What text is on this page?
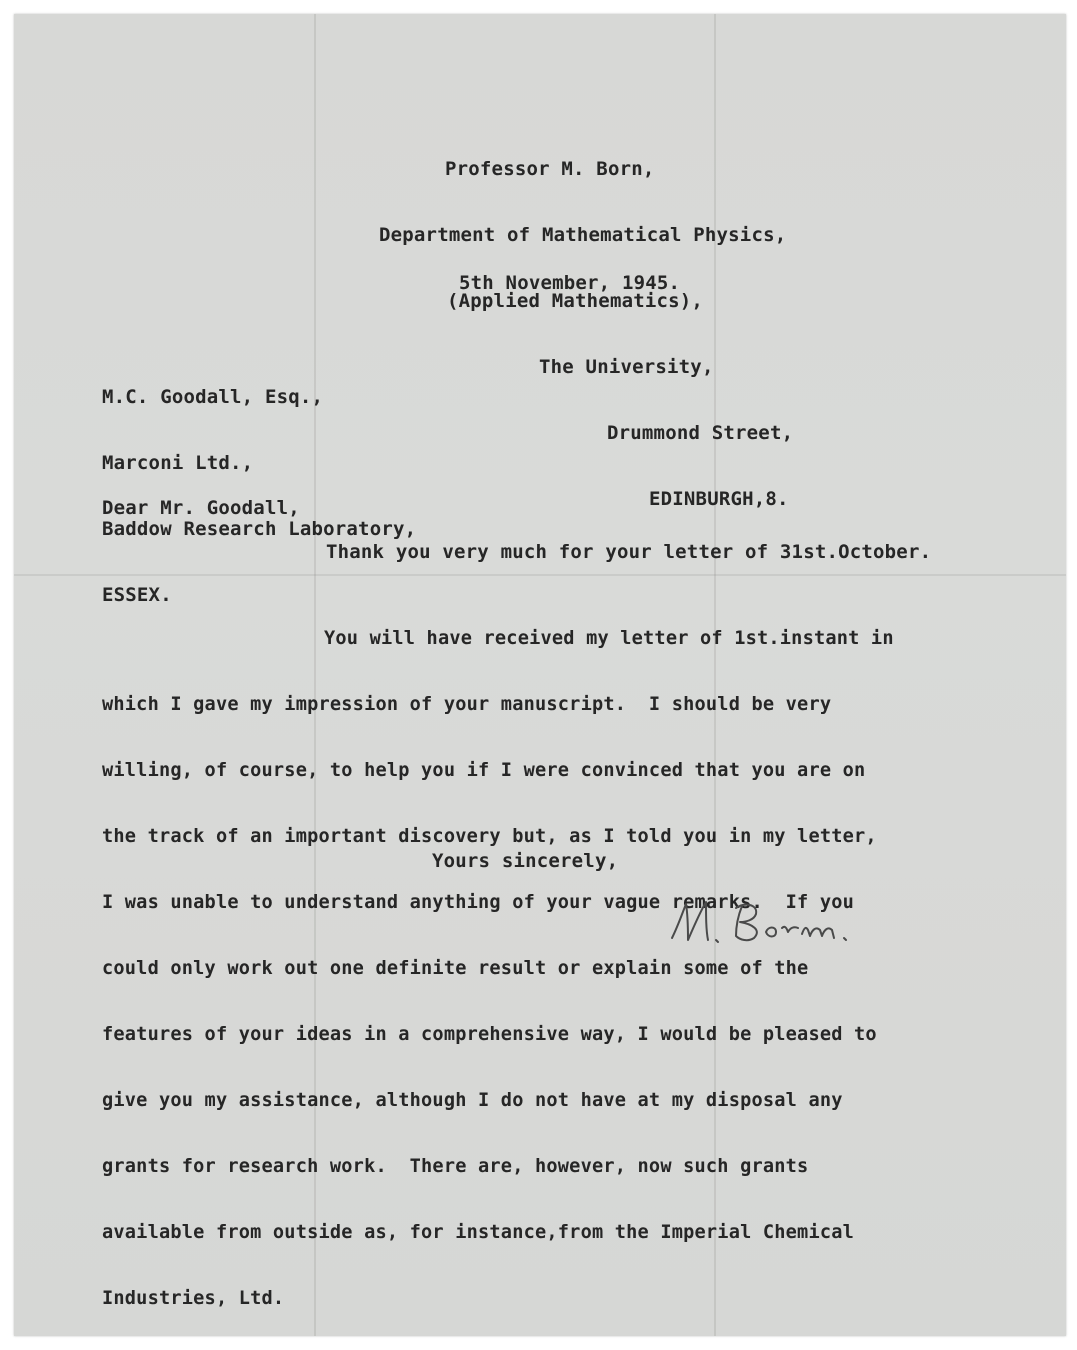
Professor M. Born,

Department of Mathematical Physics,

(Applied Mathematics),

The University,

Drummond Street,

EDINBURGH,8.

5th November, 1945.

M.C. Goodall, Esq.,

Marconi Ltd.,

Baddow Research Laboratory,

ESSEX.

Dear Mr. Goodall,
Thank you very much for your letter of 31st.October.

You will have received my letter of 1st.instant in

which I gave my impression of your manuscript.  I should be very

willing, of course, to help you if I were convinced that you are on

the track of an important discovery but, as I told you in my letter,

I was unable to understand anything of your vague remarks.  If you

could only work out one definite result or explain some of the

features of your ideas in a comprehensive way, I would be pleased to

give you my assistance, although I do not have at my disposal any

grants for research work.  There are, however, now such grants

available from outside as, for instance,from the Imperial Chemical

Industries, Ltd.

Yours sincerely,
